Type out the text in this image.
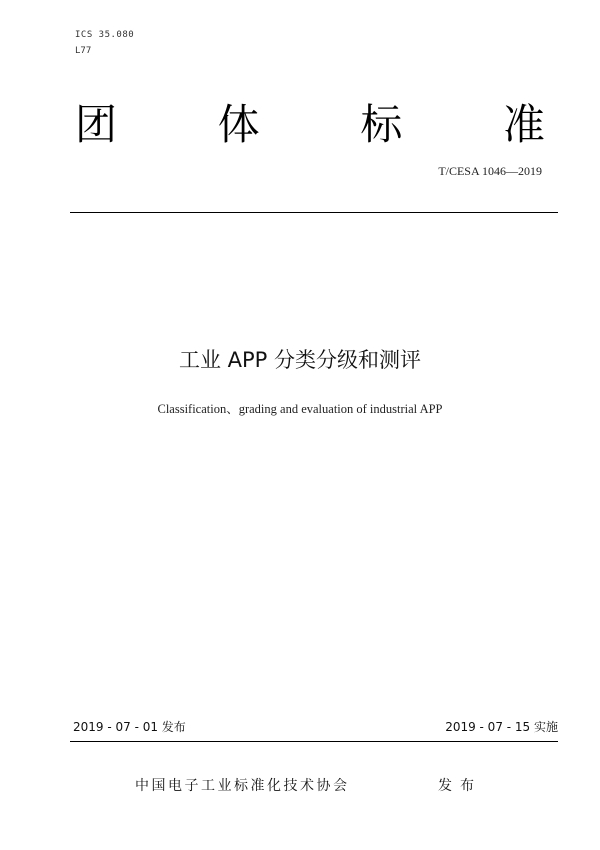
ICS 35.080
L77
团 体 标 准
T/CESA 1046—2019
工业 APP 分类分级和测评
Classification、grading and evaluation of industrial APP
2019 - 07 - 01 发布	2019 - 07 - 15 实施
中国电子工业标准化技术协会	发布
